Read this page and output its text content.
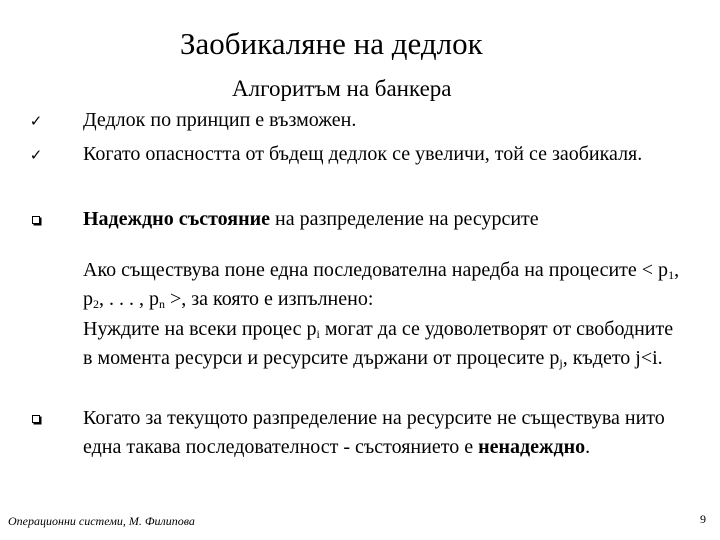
Заобикаляне на дедлок
Алгоритъм на банкера
✓ Дедлок по принцип е възможен.
✓ Когато опасността от бъдещ дедлок се увеличи, той се заобикаля.
Надеждно състояние на разпределение на ресурсите
Ако съществува поне една последователна наредба на процесите < $p_1$, $p_2$, . . . , $p_n$ >, за която е изпълнено:
Нуждите на всеки процес $p_i$ могат да се удоволетворят от свободните в момента ресурси и ресурсите държани от процесите $p_j$, където j<i.
Когато за текущото разпределение на ресурсите не съществува нито една такава последователност - състоянието е ненадеждно.
Операционни системи, М. Филипова	9
